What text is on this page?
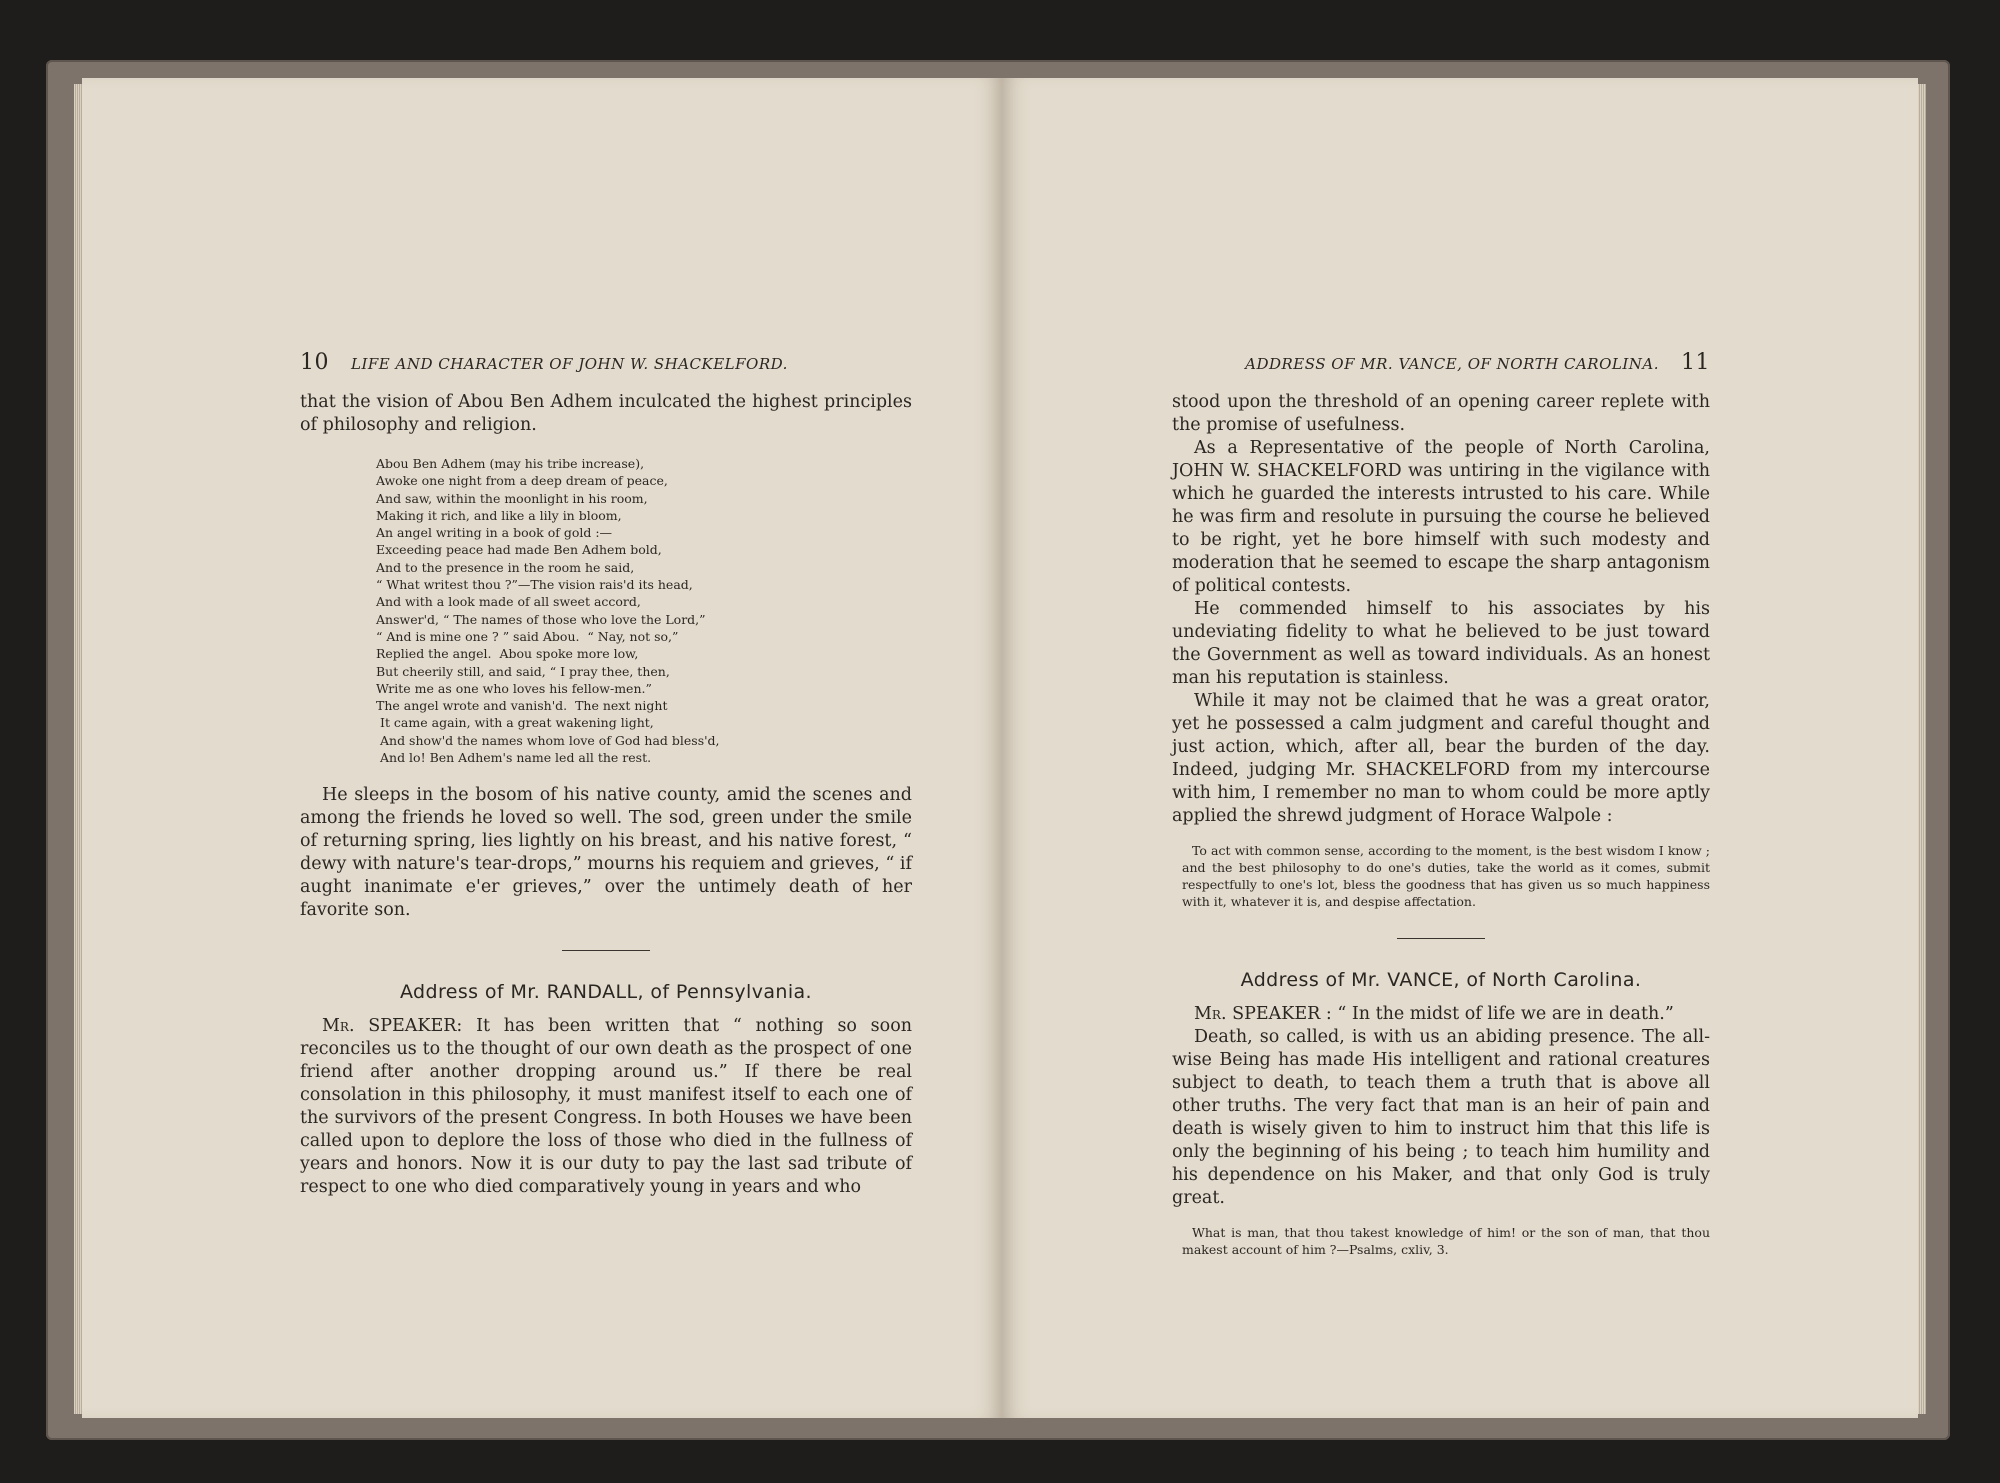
10 LIFE AND CHARACTER OF JOHN W. SHACKELFORD.

that the vision of Abou Ben Adhem inculcated the highest principles of philosophy and religion.

Abou Ben Adhem (may his tribe increase),
Awoke one night from a deep dream of peace,
And saw, within the moonlight in his room,
Making it rich, and like a lily in bloom,
An angel writing in a book of gold :—
Exceeding peace had made Ben Adhem bold,
And to the presence in the room he said,
“ What writest thou ?”—The vision rais'd its head,
And with a look made of all sweet accord,
Answer'd, “ The names of those who love the Lord,”
“ And is mine one ? ” said Abou.  “ Nay, not so,”
Replied the angel.  Abou spoke more low,
But cheerily still, and said, “ I pray thee, then,
Write me as one who loves his fellow-men.”
The angel wrote and vanish'd.  The next night
It came again, with a great wakening light,
And show'd the names whom love of God had bless'd,
And lo! Ben Adhem's name led all the rest.

He sleeps in the bosom of his native county, amid the scenes and among the friends he loved so well. The sod, green under the smile of returning spring, lies lightly on his breast, and his native forest, “ dewy with nature's tear-drops,” mourns his requiem and grieves, “ if aught inanimate e'er grieves,” over the untimely death of her favorite son.

Address of Mr. RANDALL, of Pennsylvania.

Mr. SPEAKER: It has been written that “ nothing so soon reconciles us to the thought of our own death as the prospect of one friend after another dropping around us.” If there be real consolation in this philosophy, it must manifest itself to each one of the survivors of the present Congress. In both Houses we have been called upon to deplore the loss of those who died in the fullness of years and honors. Now it is our duty to pay the last sad tribute of respect to one who died comparatively young in years and who

ADDRESS OF MR. VANCE, OF NORTH CAROLINA. 11

stood upon the threshold of an opening career replete with the promise of usefulness.

As a Representative of the people of North Carolina, JOHN W. SHACKELFORD was untiring in the vigilance with which he guarded the interests intrusted to his care. While he was firm and resolute in pursuing the course he believed to be right, yet he bore himself with such modesty and moderation that he seemed to escape the sharp antagonism of political contests.

He commended himself to his associates by his undeviating fidelity to what he believed to be just toward the Government as well as toward individuals. As an honest man his reputation is stainless.

While it may not be claimed that he was a great orator, yet he possessed a calm judgment and careful thought and just action, which, after all, bear the burden of the day. Indeed, judging Mr. SHACKELFORD from my intercourse with him, I remember no man to whom could be more aptly applied the shrewd judgment of Horace Walpole :

To act with common sense, according to the moment, is the best wisdom I know ; and the best philosophy to do one's duties, take the world as it comes, submit respectfully to one's lot, bless the goodness that has given us so much happiness with it, whatever it is, and despise affectation.
Address of Mr. VANCE, of North Carolina.

Mr. SPEAKER : “ In the midst of life we are in death.”

Death, so called, is with us an abiding presence. The all-wise Being has made His intelligent and rational creatures subject to death, to teach them a truth that is above all other truths. The very fact that man is an heir of pain and death is wisely given to him to instruct him that this life is only the beginning of his being ; to teach him humility and his dependence on his Maker, and that only God is truly great.

What is man, that thou takest knowledge of him! or the son of man, that thou makest account of him ?—Psalms, cxliv, 3.
